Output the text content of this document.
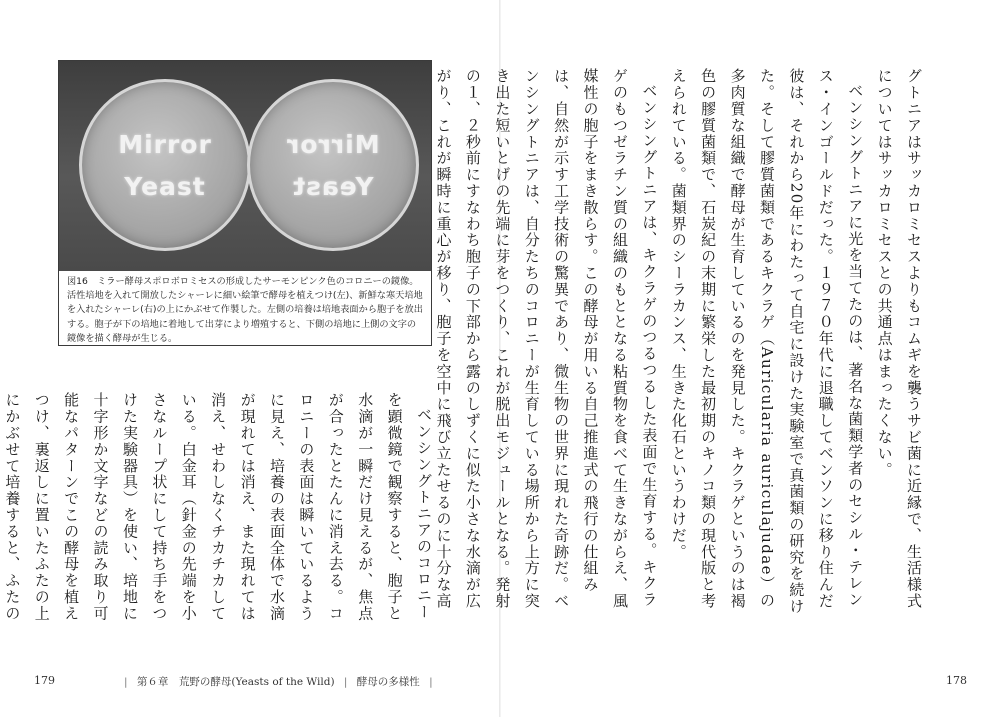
グトニアはサッカロミセスよりもコムギを襲うサビ菌に近縁で、生活様式についてはサッカロミセスとの共通点はまったくない。

ベンシングトニアに光を当てたのは、著名な菌類学者のセシル・テレンス・インゴールドだった。１９７０年代に退職してベンソンに移り住んだ彼は、それから20年にわたって自宅に設けた実験室で真菌類の研究を続けた。そして膠質菌類であるキクラゲ（Auricularia auriculajudae）の多肉質な組織で酵母が生育しているのを発見した。キクラゲというのは褐色の膠質菌類で、石炭紀の末期に繁栄した最初期のキノコ類の現代版と考えられている。菌類界のシーラカンス、生きた化石というわけだ。

ベンシングトニアは、キクラゲのつるつるした表面で生育する。キクラゲのもつゼラチン質の組織のもととなる粘質物を食べて生きながらえ、風媒性の胞子をまき散らす。この酵母が用いる自己推進式の飛行の仕組みは、自然が示す工学技術の驚異であり、微生物の世界に現れた奇跡だ。ベンシングトニアは、自分たちのコロニーが生育している場所から上方に突き出た短いとげの先端に芽をつくり、これが脱出モジュールとなる。発射の１、２秒前にすなわち胞子の下部から露のしずくに似た小さな水滴が広がり、これが瞬時に重心が移り、胞子を空中に飛び立たせるのに十分な高

Mirror
Yeast
Mirror
Yeast

図16　ミラー酵母スポロボロミセスの形成したサーモンピンク色のコロニーの鏡像。活性培地を入れて開放したシャーレに細い絵筆で酵母を植えつけ(左)、新鮮な寒天培地を入れたシャーレ(右)の上にかぶせて作製した。左側の培養は培地表面から胞子を放出する。胞子が下の培地に着地して出芽により増殖すると、下側の培地に上側の文字の鏡像を描く酵母が生じる。

ベンシングトニアのコロニーを顕微鏡で観察すると、胞子と水滴が一瞬だけ見えるが、焦点が合ったとたんに消え去る。コロニーの表面は瞬いているように見え、培養の表面全体で水滴が現れては消え、また現れては消え、せわしなくチカチカしている。白金耳（針金の先端を小さなループ状にして持ち手をつけた実験器具）を使い、培地に十字形か文字などの読み取り可能なパターンでこの酵母を植えつけ、裏返しに置いたふたの上にかぶせて培養すると、ふたの

179	| 第６章　荒野の酵母(Yeasts of the Wild) | 酵母の多様性 |	178
